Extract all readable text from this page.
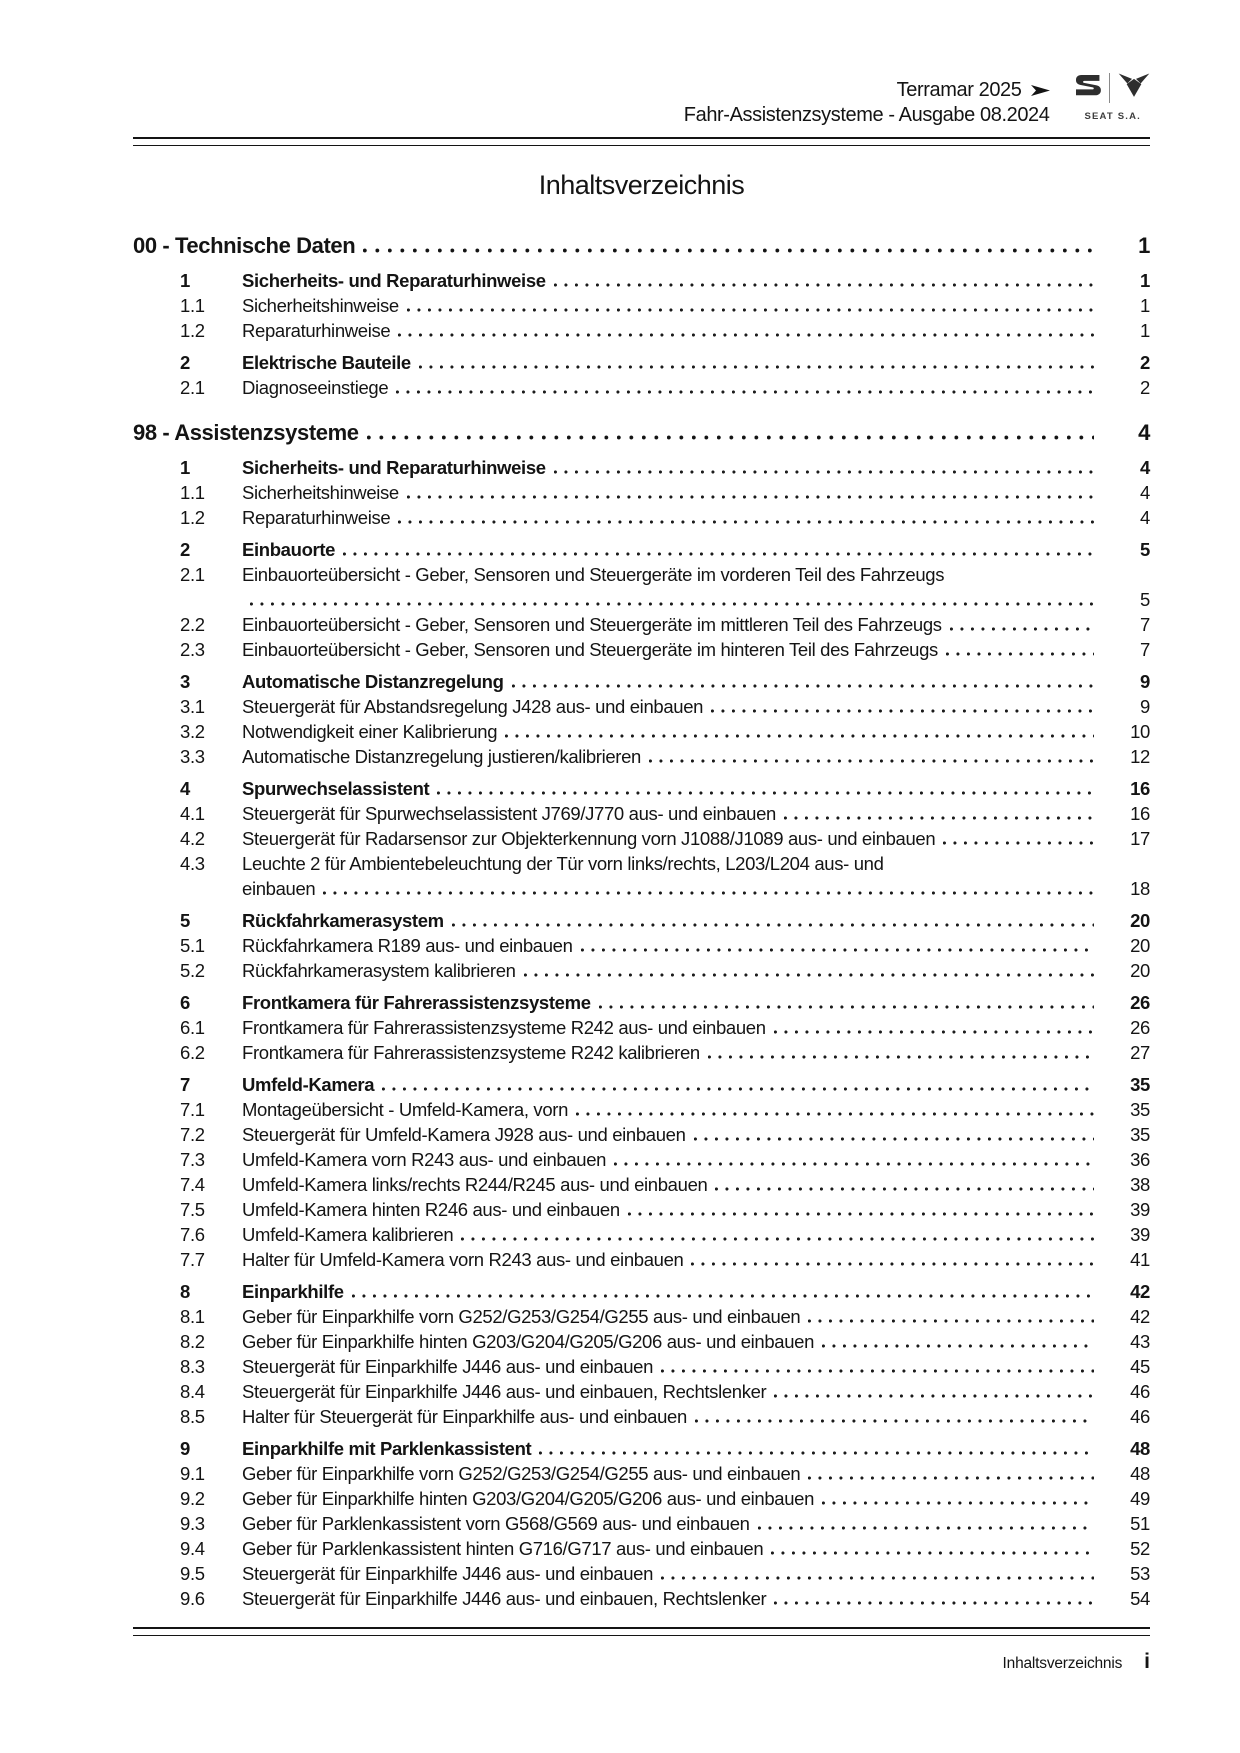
Terramar 2025
Fahr-Assistenzsysteme - Ausgabe 08.2024	SEAT S.A.
Inhaltsverzeichnis
00 - Technische Daten	1
1	Sicherheits- und Reparaturhinweise	1
1.1	Sicherheitshinweise	1
1.2	Reparaturhinweise	1
2	Elektrische Bauteile	2
2.1	Diagnoseeinstiege	2
98 - Assistenzsysteme	4
1	Sicherheits- und Reparaturhinweise	4
1.1	Sicherheitshinweise	4
1.2	Reparaturhinweise	4
2	Einbauorte	5
2.1	Einbauorteübersicht - Geber, Sensoren und Steuergeräte im vorderen Teil des Fahrzeugs
5
2.2	Einbauorteübersicht - Geber, Sensoren und Steuergeräte im mittleren Teil des Fahrzeugs	7
2.3	Einbauorteübersicht - Geber, Sensoren und Steuergeräte im hinteren Teil des Fahrzeugs	7
3	Automatische Distanzregelung	9
3.1	Steuergerät für Abstandsregelung J428 aus- und einbauen	9
3.2	Notwendigkeit einer Kalibrierung	10
3.3	Automatische Distanzregelung justieren/kalibrieren	12
4	Spurwechselassistent	16
4.1	Steuergerät für Spurwechselassistent J769/J770 aus- und einbauen	16
4.2	Steuergerät für Radarsensor zur Objekterkennung vorn J1088/J1089 aus- und einbauen	17
4.3	Leuchte 2 für Ambientebeleuchtung der Tür vorn links/rechts, L203/L204 aus- und
einbauen	18
5	Rückfahrkamerasystem	20
5.1	Rückfahrkamera R189 aus- und einbauen	20
5.2	Rückfahrkamerasystem kalibrieren	20
6	Frontkamera für Fahrerassistenzsysteme	26
6.1	Frontkamera für Fahrerassistenzsysteme R242 aus- und einbauen	26
6.2	Frontkamera für Fahrerassistenzsysteme R242 kalibrieren	27
7	Umfeld-Kamera	35
7.1	Montageübersicht - Umfeld-Kamera, vorn	35
7.2	Steuergerät für Umfeld-Kamera J928 aus- und einbauen	35
7.3	Umfeld-Kamera vorn R243 aus- und einbauen	36
7.4	Umfeld-Kamera links/rechts R244/R245 aus- und einbauen	38
7.5	Umfeld-Kamera hinten R246 aus- und einbauen	39
7.6	Umfeld-Kamera kalibrieren	39
7.7	Halter für Umfeld-Kamera vorn R243 aus- und einbauen	41
8	Einparkhilfe	42
8.1	Geber für Einparkhilfe vorn G252/G253/G254/G255 aus- und einbauen	42
8.2	Geber für Einparkhilfe hinten G203/G204/G205/G206 aus- und einbauen	43
8.3	Steuergerät für Einparkhilfe J446 aus- und einbauen	45
8.4	Steuergerät für Einparkhilfe J446 aus- und einbauen, Rechtslenker	46
8.5	Halter für Steuergerät für Einparkhilfe aus- und einbauen	46
9	Einparkhilfe mit Parklenkassistent	48
9.1	Geber für Einparkhilfe vorn G252/G253/G254/G255 aus- und einbauen	48
9.2	Geber für Einparkhilfe hinten G203/G204/G205/G206 aus- und einbauen	49
9.3	Geber für Parklenkassistent vorn G568/G569 aus- und einbauen	51
9.4	Geber für Parklenkassistent hinten G716/G717 aus- und einbauen	52
9.5	Steuergerät für Einparkhilfe J446 aus- und einbauen	53
9.6	Steuergerät für Einparkhilfe J446 aus- und einbauen, Rechtslenker	54
Inhaltsverzeichnis i
